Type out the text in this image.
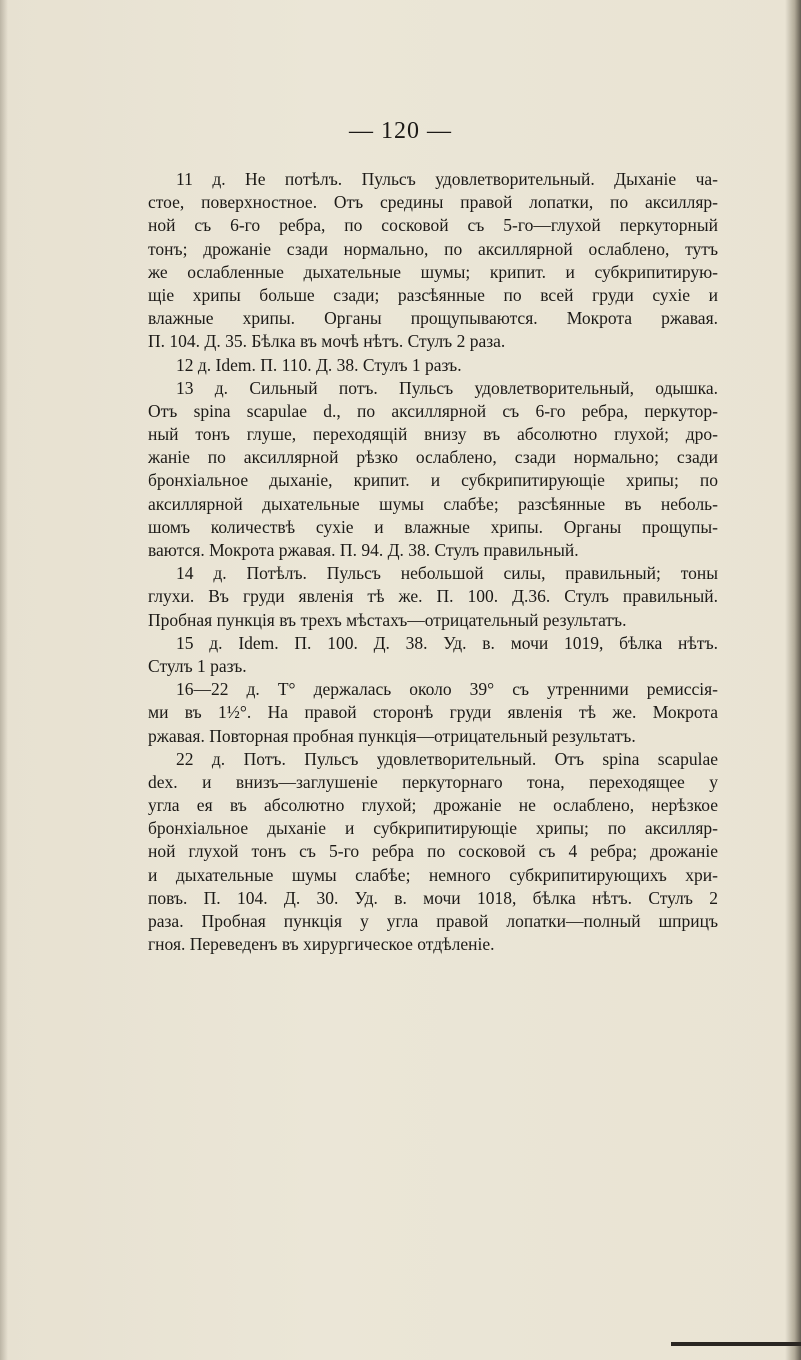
— 120 —
11 д. Не потѣлъ. Пульсъ удовлетворительный. Дыханіе ча-
стое, поверхностное. Отъ средины правой лопатки, по аксилляр-
ной съ 6-го ребра, по сосковой съ 5-го—глухой перкуторный
тонъ; дрожаніе сзади нормально, по аксиллярной ослаблено, тутъ
же ослабленные дыхательные шумы; крипит. и субкрипитирую-
щіе хрипы больше сзади; разсѣянные по всей груди сухіе и
влажные хрипы. Органы прощупываются. Мокрота ржавая.
П. 104. Д. 35. Бѣлка въ мочѣ нѣтъ. Стулъ 2 раза.
12 д. Idem. П. 110. Д. 38. Стулъ 1 разъ.
13 д. Сильный потъ. Пульсъ удовлетворительный, одышка.
Отъ spina scapulae d., по аксиллярной съ 6-го ребра, перкутор-
ный тонъ глуше, переходящій внизу въ абсолютно глухой; дро-
жаніе по аксиллярной рѣзко ослаблено, сзади нормально; сзади
бронхіальное дыханіе, крипит. и субкрипитирующіе хрипы; по
аксиллярной дыхательные шумы слабѣе; разсѣянные въ неболь-
шомъ количествѣ сухіе и влажные хрипы. Органы прощупы-
ваются. Мокрота ржавая. П. 94. Д. 38. Стулъ правильный.
14 д. Потѣлъ. Пульсъ небольшой силы, правильный; тоны
глухи. Въ груди явленія тѣ же. П. 100. Д.36. Стулъ правильный.
Пробная пункція въ трехъ мѣстахъ—отрицательный результатъ.
15 д. Idem. П. 100. Д. 38. Уд. в. мочи 1019, бѣлка нѣтъ.
Стулъ 1 разъ.
16—22 д. T° держалась около 39° съ утренними ремиссія-
ми въ 1½°. На правой сторонѣ груди явленія тѣ же. Мокрота
ржавая. Повторная пробная пункція—отрицательный результатъ.
22 д. Потъ. Пульсъ удовлетворительный. Отъ spina scapulae
dex. и внизъ—заглушеніе перкуторнаго тона, переходящее у
угла ея въ абсолютно глухой; дрожаніе не ослаблено, нерѣзкое
бронхіальное дыханіе и субкрипитирующіе хрипы; по аксилляр-
ной глухой тонъ съ 5-го ребра по сосковой съ 4 ребра; дрожаніе
и дыхательные шумы слабѣе; немного субкрипитирующихъ хри-
повъ. П. 104. Д. 30. Уд. в. мочи 1018, бѣлка нѣтъ. Стулъ 2
раза. Пробная пункція у угла правой лопатки—полный шприцъ
гноя. Переведенъ въ хирургическое отдѣленіе.
